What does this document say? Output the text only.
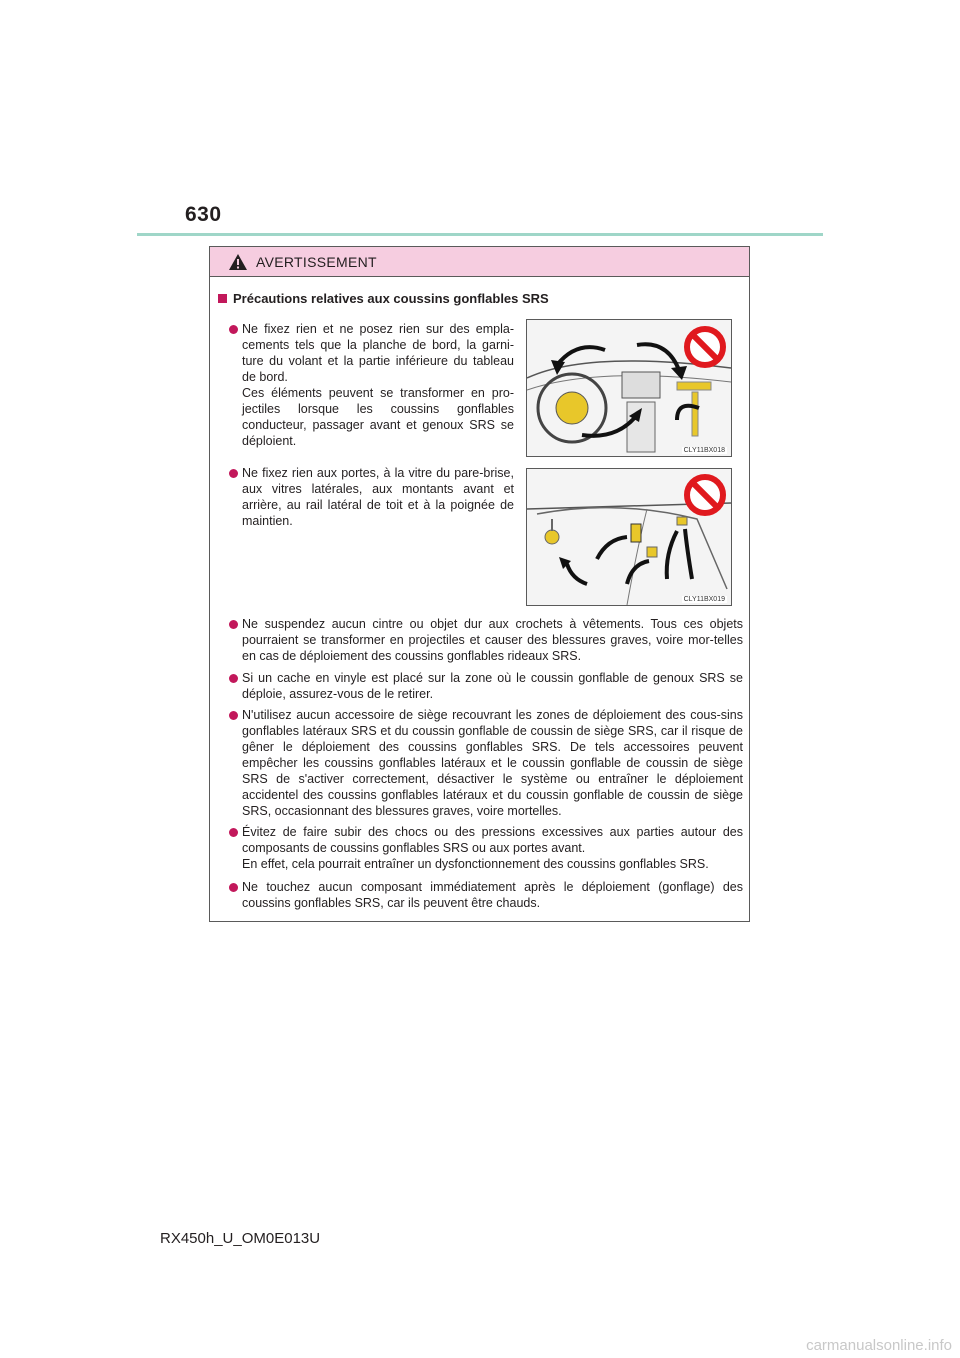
630
AVERTISSEMENT
Précautions relatives aux coussins gonflables SRS

Ne fixez rien et ne posez rien sur des empla-cements tels que la planche de bord, la garni-ture du volant et la partie inférieure du tableau de bord.

Ces éléments peuvent se transformer en pro-jectiles lorsque les coussins gonflables conducteur, passager avant et genoux SRS se déploient.

CLY11BX018

Ne fixez rien aux portes, à la vitre du pare-brise, aux vitres latérales, aux montants avant et arrière, au rail latéral de toit et à la poignée de maintien.

CLY11BX019

Ne suspendez aucun cintre ou objet dur aux crochets à vêtements. Tous ces objets pourraient se transformer en projectiles et causer des blessures graves, voire mor-telles en cas de déploiement des coussins gonflables rideaux SRS.

Si un cache en vinyle est placé sur la zone où le coussin gonflable de genoux SRS se déploie, assurez-vous de le retirer.

N'utilisez aucun accessoire de siège recouvrant les zones de déploiement des cous-sins gonflables latéraux SRS et du coussin gonflable de coussin de siège SRS, car il risque de gêner le déploiement des coussins gonflables SRS. De tels accessoires peuvent empêcher les coussins gonflables latéraux et le coussin gonflable de coussin de siège SRS de s'activer correctement, désactiver le système ou entraîner le déploiement accidentel des coussins gonflables latéraux et du coussin gonflable de coussin de siège SRS, occasionnant des blessures graves, voire mortelles.

Évitez de faire subir des chocs ou des pressions excessives aux parties autour des composants de coussins gonflables SRS ou aux portes avant.

En effet, cela pourrait entraîner un dysfonctionnement des coussins gonflables SRS.

Ne touchez aucun composant immédiatement après le déploiement (gonflage) des coussins gonflables SRS, car ils peuvent être chauds.

RX450h_U_OM0E013U
carmanualsonline.info
